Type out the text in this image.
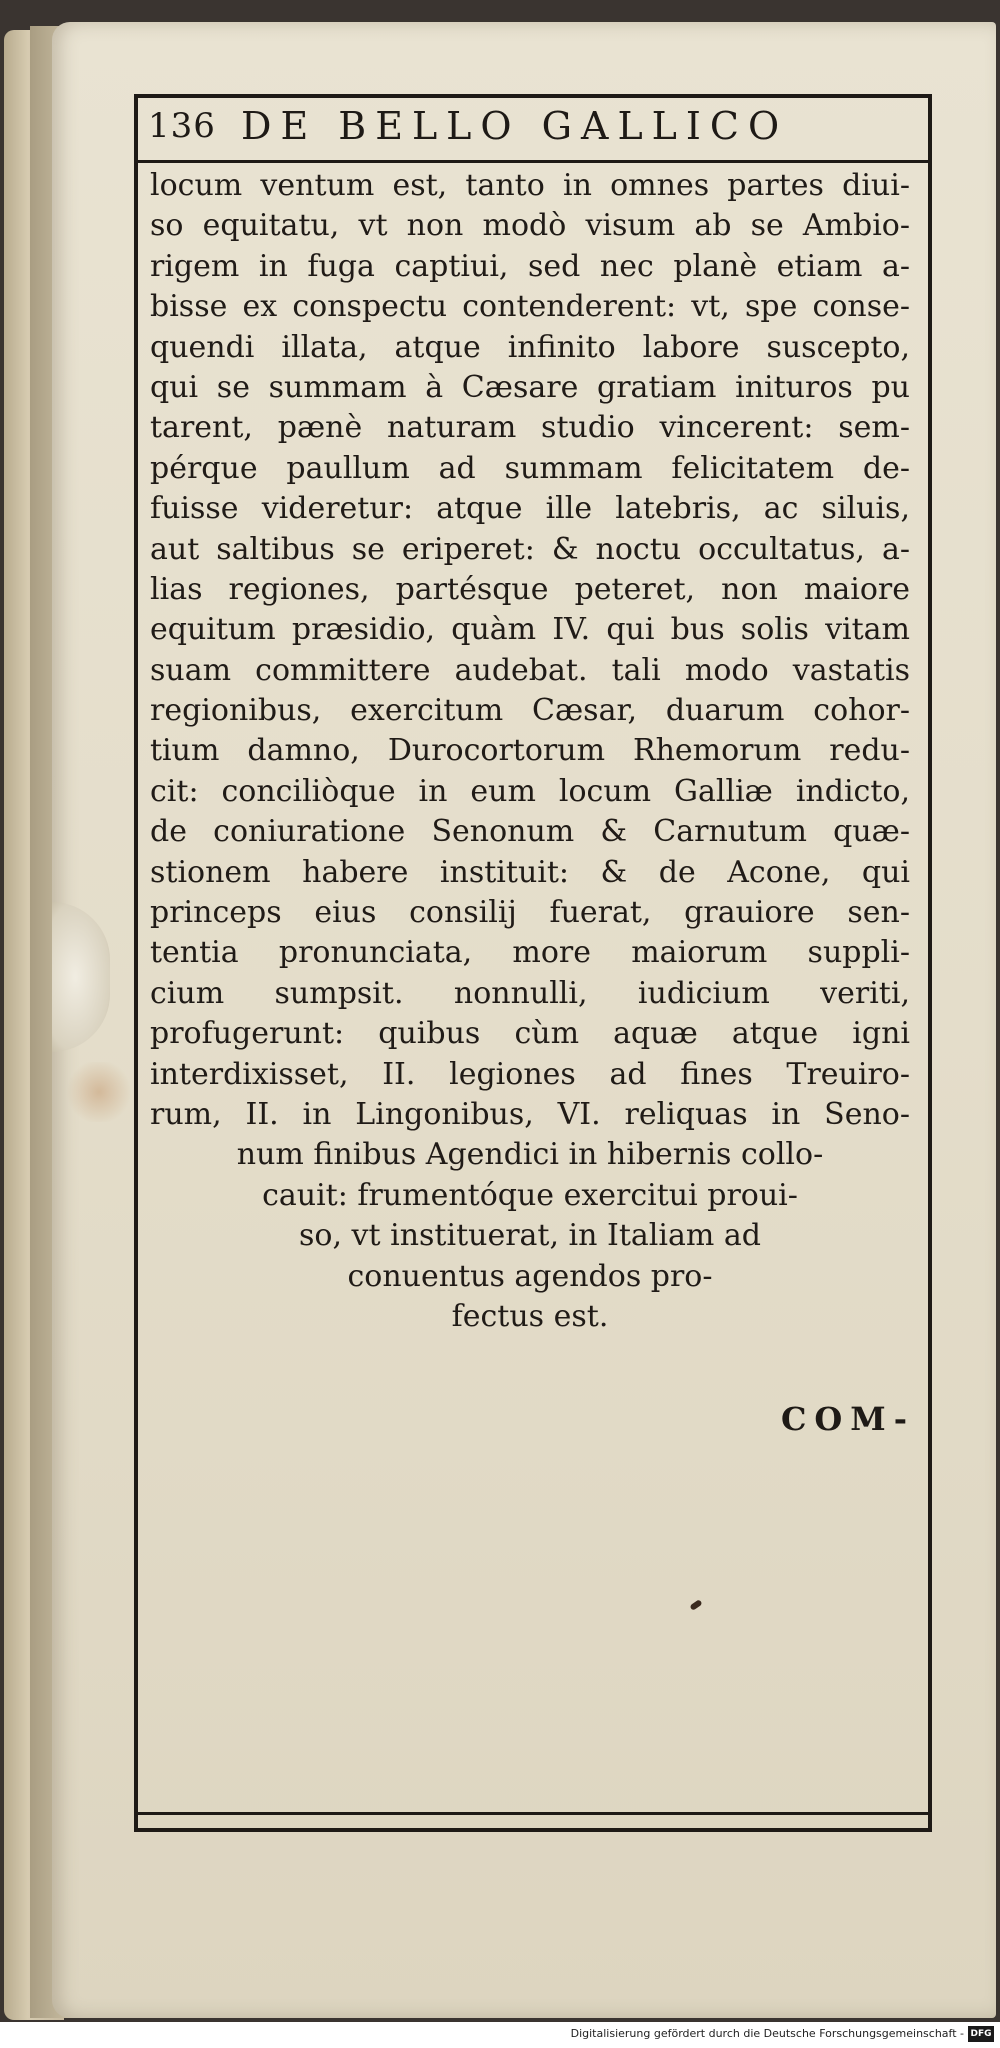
136 DE BELLO GALLICO
locum ventum est, tanto in omnes partes diui-
so equitatu, vt non modò visum ab se Ambio-
rigem in fuga captiui, sed nec planè etiam a-
bisse ex conspectu contenderent: vt, spe conse-
quendi illata, atque infinito labore suscepto,
qui se summam à Cæsare gratiam inituros pu
tarent, pænè naturam studio vincerent: sem-
pérque paullum ad summam felicitatem de-
fuisse videretur: atque ille latebris, ac siluis,
aut saltibus se eriperet: & noctu occultatus, a-
lias regiones, partésque peteret, non maiore
equitum præsidio, quàm IV. qui bus solis vitam
suam committere audebat. tali modo vastatis
regionibus, exercitum Cæsar, duarum cohor-
tium damno, Durocortorum Rhemorum redu-
cit: conciliòque in eum locum Galliæ indicto,
de coniuratione Senonum & Carnutum quæ-
stionem habere instituit: & de Acone, qui
princeps eius consilij fuerat, grauiore sen-
tentia pronunciata, more maiorum suppli-
cium sumpsit. nonnulli, iudicium veriti,
profugerunt: quibus cùm aquæ atque igni
interdixisset, II. legiones ad fines Treuiro-
rum, II. in Lingonibus, VI. reliquas in Seno-
num finibus Agendici in hibernis collo-
cauit: frumentóque exercitui proui-
so, vt instituerat, in Italiam ad
conuentus agendos pro-
fectus est.
COM-
Digitalisierung gefördert durch die Deutsche Forschungsgemeinschaft - DFG
